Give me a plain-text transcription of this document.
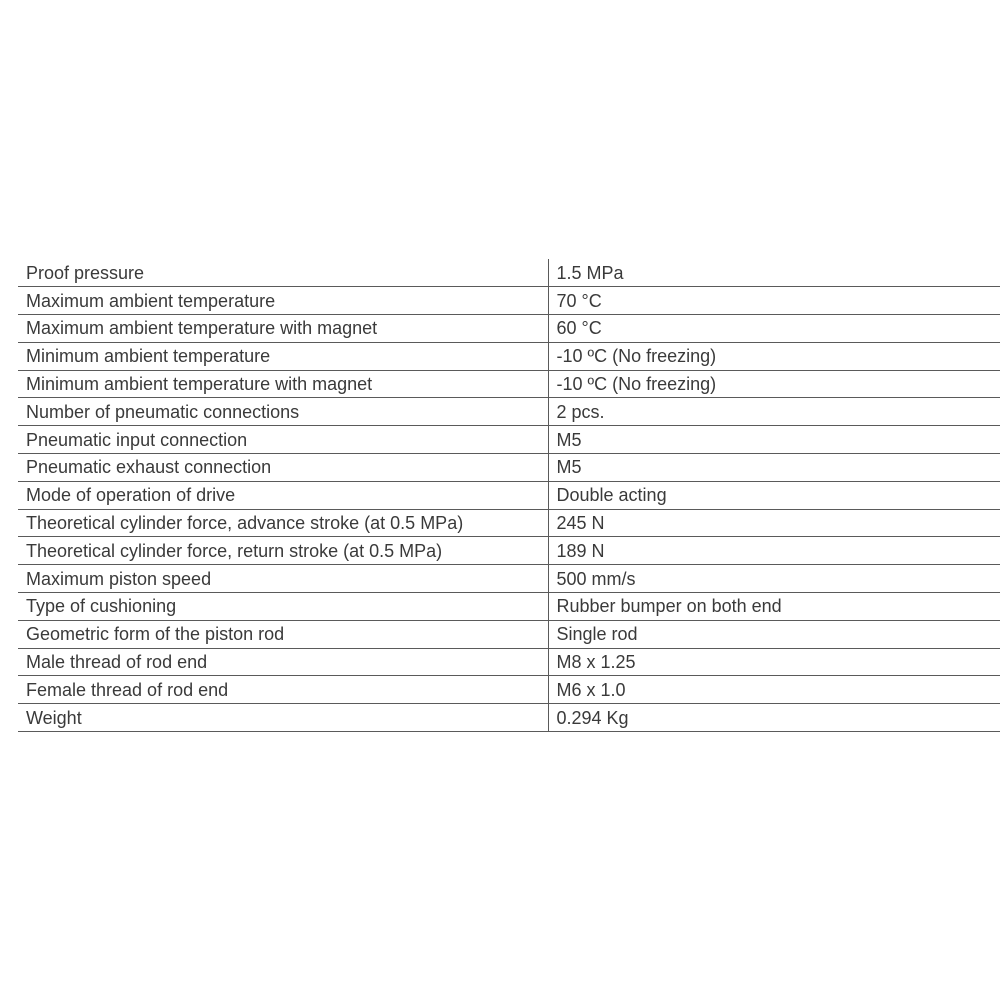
Proof pressure	1.5 MPa
Maximum ambient temperature	70 °C
Maximum ambient temperature with magnet	60 °C
Minimum ambient temperature	-10 ºC (No freezing)
Minimum ambient temperature with magnet	-10 ºC (No freezing)
Number of pneumatic connections	2 pcs.
Pneumatic input connection	M5
Pneumatic exhaust connection	M5
Mode of operation of drive	Double acting
Theoretical cylinder force, advance stroke (at 0.5 MPa)	245 N
Theoretical cylinder force, return stroke (at 0.5 MPa)	189 N
Maximum piston speed	500 mm/s
Type of cushioning	Rubber bumper on both end
Geometric form of the piston rod	Single rod
Male thread of rod end	M8 x 1.25
Female thread of rod end	M6 x 1.0
Weight	0.294 Kg
